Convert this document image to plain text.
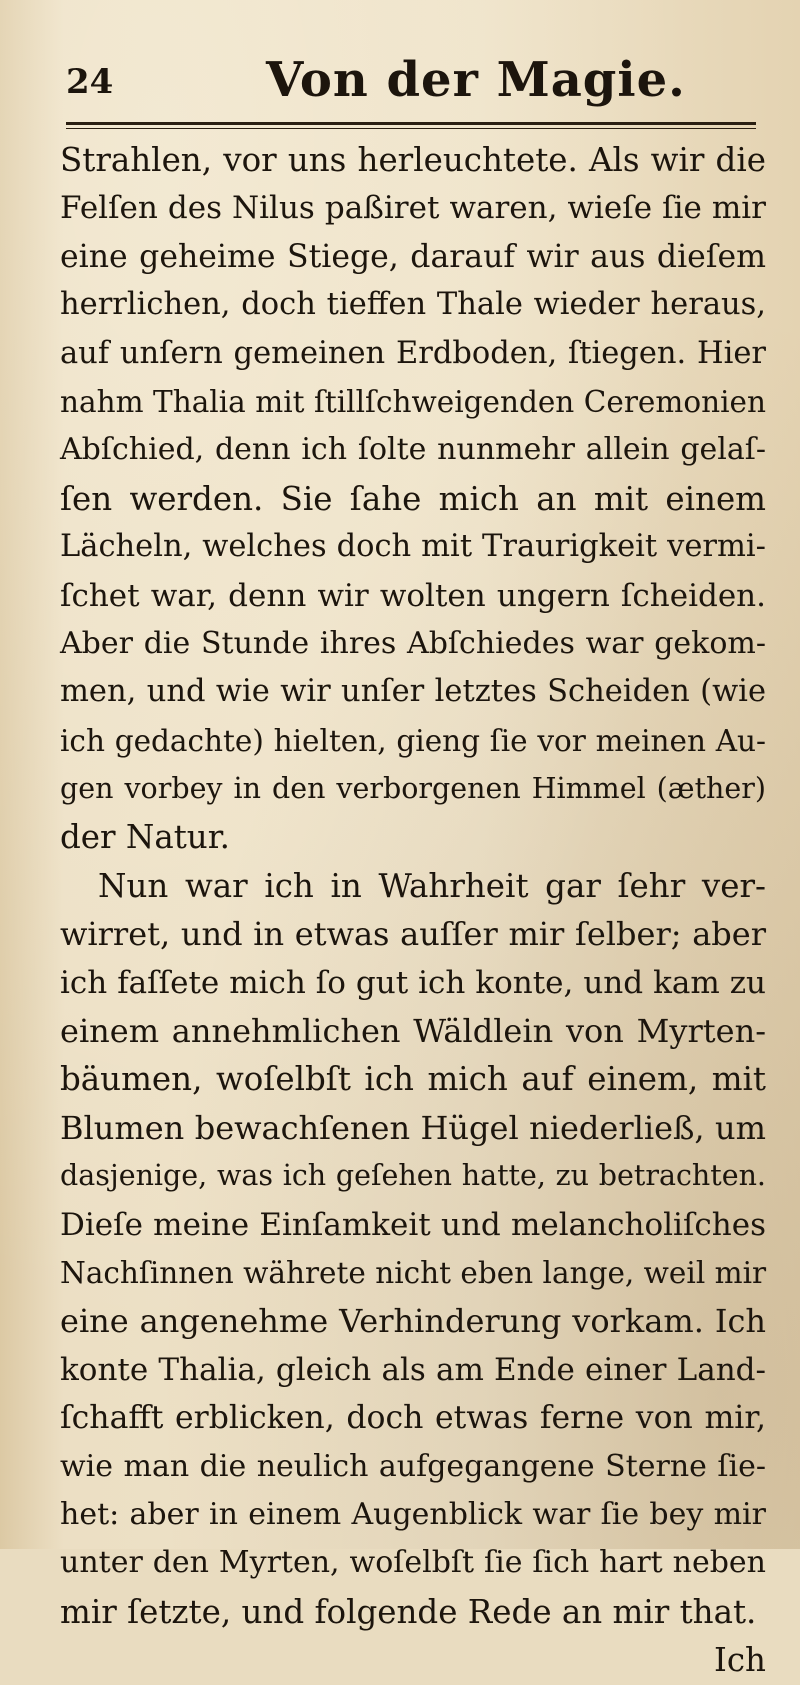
24	Von der Magie.
Strahlen, vor uns herleuchtete. Als wir die
Felſen des Nilus paßiret waren, wieſe ſie mir
eine geheime Stiege, darauf wir aus dieſem
herrlichen, doch tieffen Thale wieder heraus,
auf unſern gemeinen Erdboden, ſtiegen. Hier
nahm Thalia mit ſtillſchweigenden Ceremonien
Abſchied, denn ich ſolte nunmehr allein gelaſ-
ſen werden. Sie ſahe mich an mit einem
Lächeln, welches doch mit Traurigkeit vermi-
ſchet war, denn wir wolten ungern ſcheiden.
Aber die Stunde ihres Abſchiedes war gekom-
men, und wie wir unſer letztes Scheiden (wie
ich gedachte) hielten, gieng ſie vor meinen Au-
gen vorbey in den verborgenen Himmel (æther)
der Natur.
Nun war ich in Wahrheit gar ſehr ver-
wirret, und in etwas auſſer mir ſelber; aber
ich faſſete mich ſo gut ich konte, und kam zu
einem annehmlichen Wäldlein von Myrten-
bäumen, woſelbſt ich mich auf einem, mit
Blumen bewachſenen Hügel niederließ, um
dasjenige, was ich geſehen hatte, zu betrachten.
Dieſe meine Einſamkeit und melancholiſches
Nachſinnen währete nicht eben lange, weil mir
eine angenehme Verhinderung vorkam. Ich
konte Thalia, gleich als am Ende einer Land-
ſchafft erblicken, doch etwas ferne von mir,
wie man die neulich aufgegangene Sterne ſie-
het: aber in einem Augenblick war ſie bey mir
unter den Myrten, woſelbſt ſie ſich hart neben
mir ſetzte, und folgende Rede an mir that.
Ich
